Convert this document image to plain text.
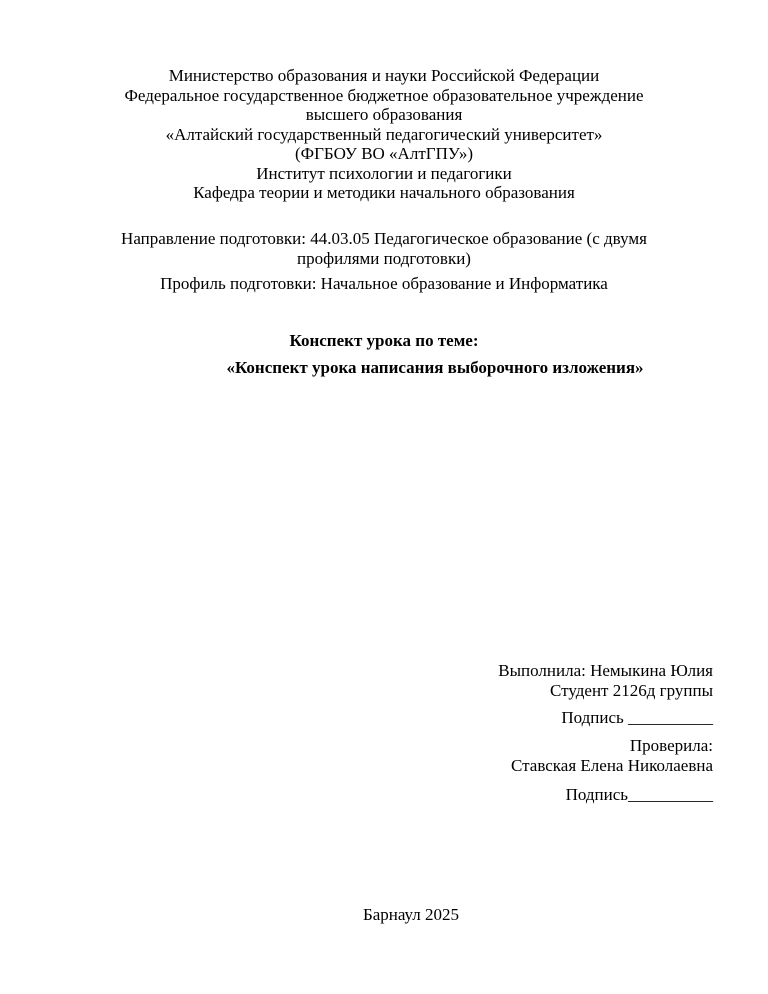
Министерство образования и науки Российской Федерации
Федеральное государственное бюджетное образовательное учреждение
высшего образования
«Алтайский государственный педагогический университет»
(ФГБОУ ВО «АлтГПУ»)
Институт психологии и педагогики
Кафедра теории и методики начального образования
Направление подготовки: 44.03.05 Педагогическое образование (с двумя
профилями подготовки)
Профиль подготовки: Начальное образование и Информатика
Конспект урока по теме:
«Конспект урока написания выборочного изложения»
Выполнила: Немыкина Юлия
Студент 2126д группы
Подпись __________
Проверила:
Ставская Елена Николаевна
Подпись__________
Барнаул 2025
